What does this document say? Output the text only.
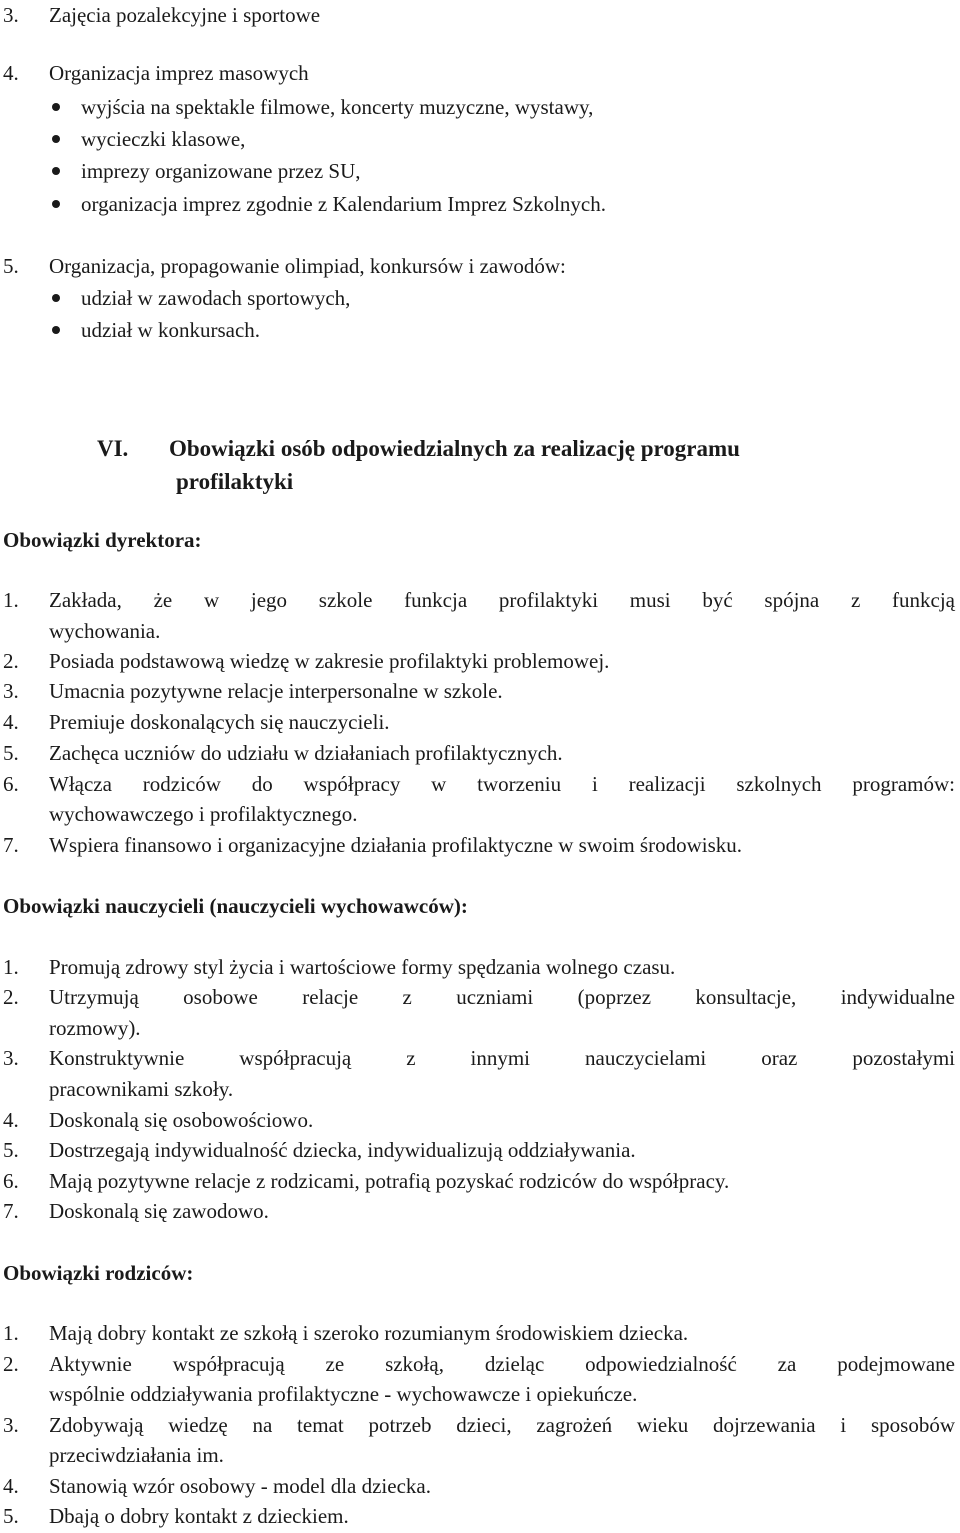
3. Zajęcia pozalekcyjne i sportowe
4. Organizacja imprez masowych
wyjścia na spektakle filmowe, koncerty muzyczne, wystawy,
wycieczki klasowe,
imprezy organizowane przez SU,
organizacja imprez zgodnie z Kalendarium Imprez Szkolnych.
5. Organizacja, propagowanie olimpiad, konkursów i zawodów:
udział w zawodach sportowych,
udział w konkursach.
VI. Obowiązki osób odpowiedzialnych za realizację programu
profilaktyki
Obowiązki dyrektora:
1. Zakłada, że w jego szkole funkcja profilaktyki musi być spójna z funkcją
wychowania.
2. Posiada podstawową wiedzę w zakresie profilaktyki problemowej.
3. Umacnia pozytywne relacje interpersonalne w szkole.
4. Premiuje doskonalących się nauczycieli.
5. Zachęca uczniów do udziału w działaniach profilaktycznych.
6. Włącza rodziców do współpracy w tworzeniu i realizacji szkolnych programów:
wychowawczego i profilaktycznego.
7. Wspiera finansowo i organizacyjne działania profilaktyczne w swoim środowisku.
Obowiązki nauczycieli (nauczycieli wychowawców):
1. Promują zdrowy styl życia i wartościowe formy spędzania wolnego czasu.
2. Utrzymują osobowe relacje z uczniami (poprzez konsultacje, indywidualne
rozmowy).
3. Konstruktywnie współpracują z innymi nauczycielami oraz pozostałymi
pracownikami szkoły.
4. Doskonalą się osobowościowo.
5. Dostrzegają indywidualność dziecka, indywidualizują oddziaływania.
6. Mają pozytywne relacje z rodzicami, potrafią pozyskać rodziców do współpracy.
7. Doskonalą się zawodowo.
Obowiązki rodziców:
1. Mają dobry kontakt ze szkołą i szeroko rozumianym środowiskiem dziecka.
2. Aktywnie współpracują ze szkołą, dzieląc odpowiedzialność za podejmowane
wspólnie oddziaływania profilaktyczne - wychowawcze i opiekuńcze.
3. Zdobywają wiedzę na temat potrzeb dzieci, zagrożeń wieku dojrzewania i sposobów
przeciwdziałania im.
4. Stanowią wzór osobowy - model dla dziecka.
5. Dbają o dobry kontakt z dzieckiem.
